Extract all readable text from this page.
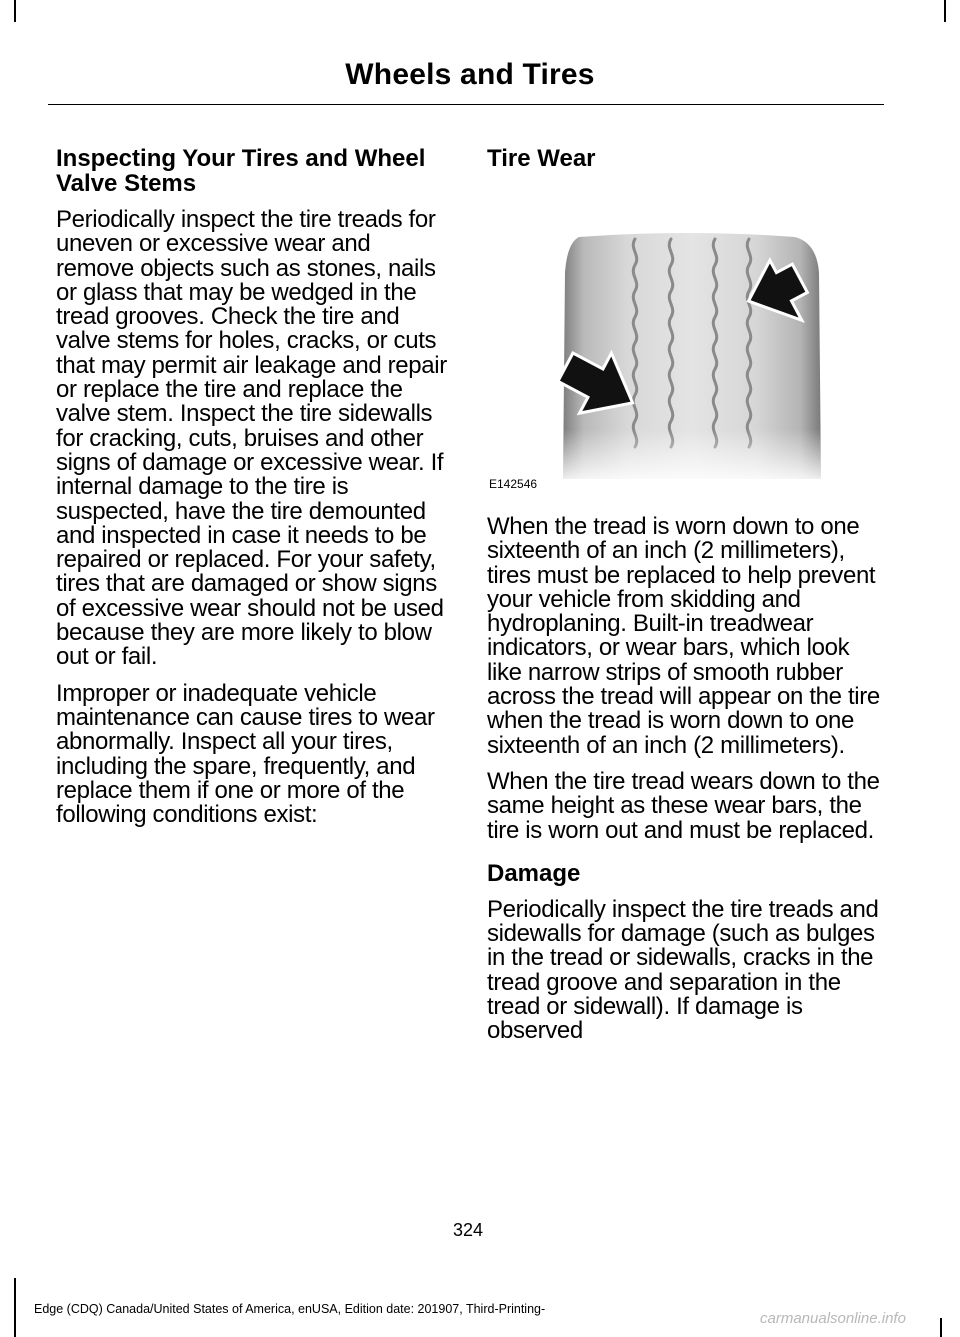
Wheels and Tires
Inspecting Your Tires and Wheel Valve Stems

Periodically inspect the tire treads for uneven or excessive wear and remove objects such as stones, nails or glass that may be wedged in the tread grooves. Check the tire and valve stems for holes, cracks, or cuts that may permit air leakage and repair or replace the tire and replace the valve stem. Inspect the tire sidewalls for cracking, cuts, bruises and other signs of damage or excessive wear. If internal damage to the tire is suspected, have the tire demounted and inspected in case it needs to be repaired or replaced. For your safety, tires that are damaged or show signs of excessive wear should not be used because they are more likely to blow out or fail.

Improper or inadequate vehicle maintenance can cause tires to wear abnormally. Inspect all your tires, including the spare, frequently, and replace them if one or more of the following conditions exist:

Tire Wear
E142546

When the tread is worn down to one sixteenth of an inch (2 millimeters), tires must be replaced to help prevent your vehicle from skidding and hydroplaning. Built-in treadwear indicators, or wear bars, which look like narrow strips of smooth rubber across the tread will appear on the tire when the tread is worn down to one sixteenth of an inch (2 millimeters).

When the tire tread wears down to the same height as these wear bars, the tire is worn out and must be replaced.

Damage

Periodically inspect the tire treads and sidewalls for damage (such as bulges in the tread or sidewalls, cracks in the tread groove and separation in the tread or sidewall). If damage is observed

324
Edge (CDQ) Canada/United States of America, enUSA, Edition date: 201907, Third-Printing-
carmanualsonline.info
